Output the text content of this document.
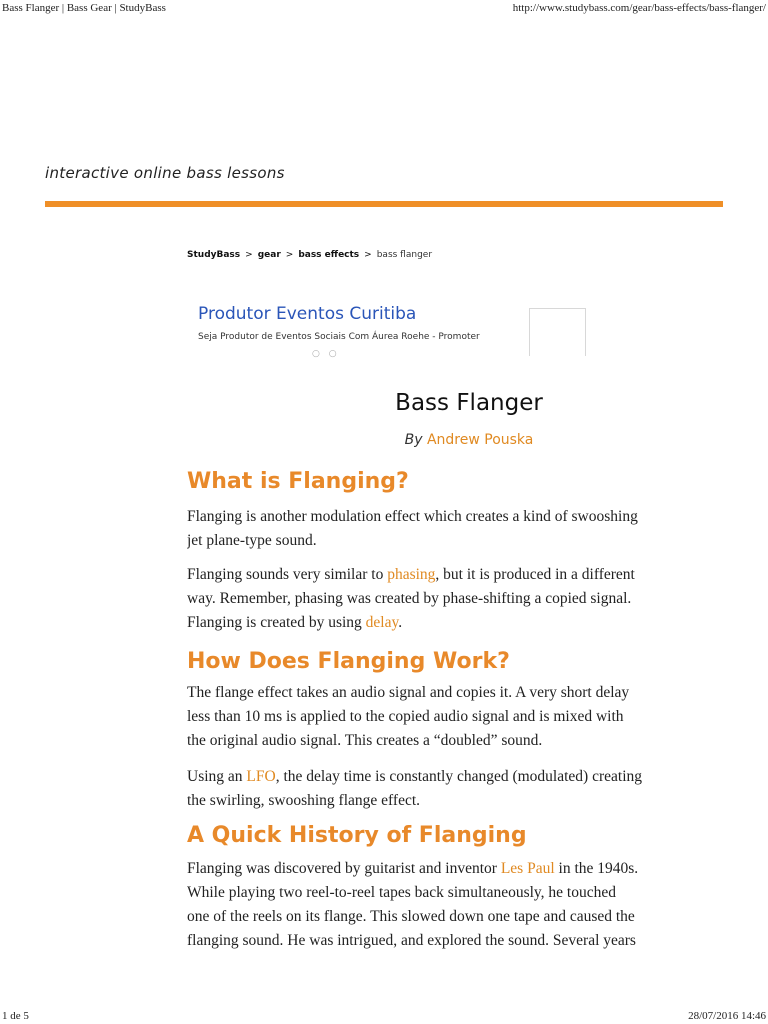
Bass Flanger | Bass Gear | StudyBass	http://www.studybass.com/gear/bass-effects/bass-flanger/
interactive online bass lessons
StudyBass > gear > bass effects > bass flanger
Produtor Eventos Curitiba
Seja Produtor de Eventos Sociais Com Áurea Roehe - Promoter
○ ○
Bass Flanger
By Andrew Pouska
What is Flanging?

Flanging is another modulation effect which creates a kind of swooshing
jet plane-type sound.

Flanging sounds very similar to phasing, but it is produced in a different
way. Remember, phasing was created by phase-shifting a copied signal.
Flanging is created by using delay.

How Does Flanging Work?

The flange effect takes an audio signal and copies it. A very short delay
less than 10 ms is applied to the copied audio signal and is mixed with
the original audio signal. This creates a “doubled” sound.

Using an LFO, the delay time is constantly changed (modulated) creating
the swirling, swooshing flange effect.

A Quick History of Flanging

Flanging was discovered by guitarist and inventor Les Paul in the 1940s.
While playing two reel-to-reel tapes back simultaneously, he touched
one of the reels on its flange. This slowed down one tape and caused the
flanging sound. He was intrigued, and explored the sound. Several years

1 de 5	28/07/2016 14:46
